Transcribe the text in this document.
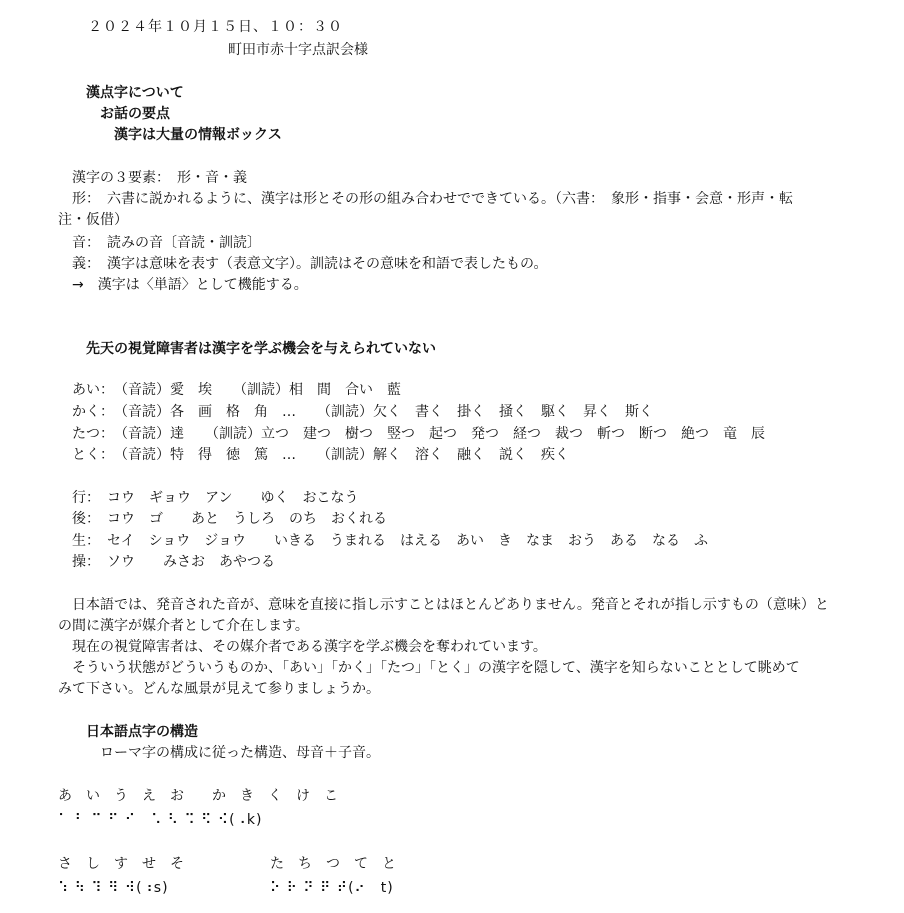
２０２４年１０月１５日、１０：３０
町田市赤十字点訳会様
漢点字について
お話の要点
漢字は大量の情報ボックス
漢字の３要素：　形・音・義
形：　六書に説かれるように、漢字は形とその形の組み合わせでできている。（六書：　象形・指事・会意・形声・転
注・仮借）
音：　読みの音〔音読・訓読〕
義：　漢字は意味を表す（表意文字）。訓読はその意味を和語で表したもの。
→　漢字は〈単語〉として機能する。
先天の視覚障害者は漢字を学ぶ機会を与えられていない
あい：　（音読）愛　埃　　（訓読）相　間　合い　藍
かく：　（音読）各　画　格　角　…　　（訓読）欠く　書く　掛く　掻く　駆く　昇く　斯く
たつ：　（音読）達　　（訓読）立つ　建つ　樹つ　竪つ　起つ　発つ　経つ　裁つ　斬つ　断つ　絶つ　竜　辰
とく：　（音読）特　得　徳　篤　…　　（訓読）解く　溶く　融く　説く　疾く
行：　コウ　ギョウ　アン　　ゆく　おこなう
後：　コウ　ゴ　　あと　うしろ　のち　おくれる
生：　セイ　ショウ　ジョウ　　いきる　うまれる　はえる　あい　き　なま　おう　ある　なる　ふ
操：　ソウ　　みさお　あやつる
日本語では、発音された音が、意味を直接に指し示すことはほとんどありません。発音とそれが指し示すもの（意味）と
の間に漢字が媒介者として介在します。
現在の視覚障害者は、その媒介者である漢字を学ぶ機会を奪われています。
そういう状態がどういうものか、「あい」「かく」「たつ」「とく」の漢字を隠して、漢字を知らないこととして眺めて
みて下さい。どんな風景が見えて参りましょうか。
日本語点字の構造
ローマ字の構成に従った構造、母音＋子音。
あ　い　う　え　お　　か　き　く　け　こ
⠁ ⠃ ⠉ ⠋ ⠊　⠡ ⠣ ⠩ ⠫ ⠪(⠠k)
さ　し　す　せ　そ	た　ち　つ　て　と
⠱ ⠳ ⠹ ⠻ ⠺(⠰s)	⠕ ⠗ ⠝ ⠟ ⠞(⠔　t)
